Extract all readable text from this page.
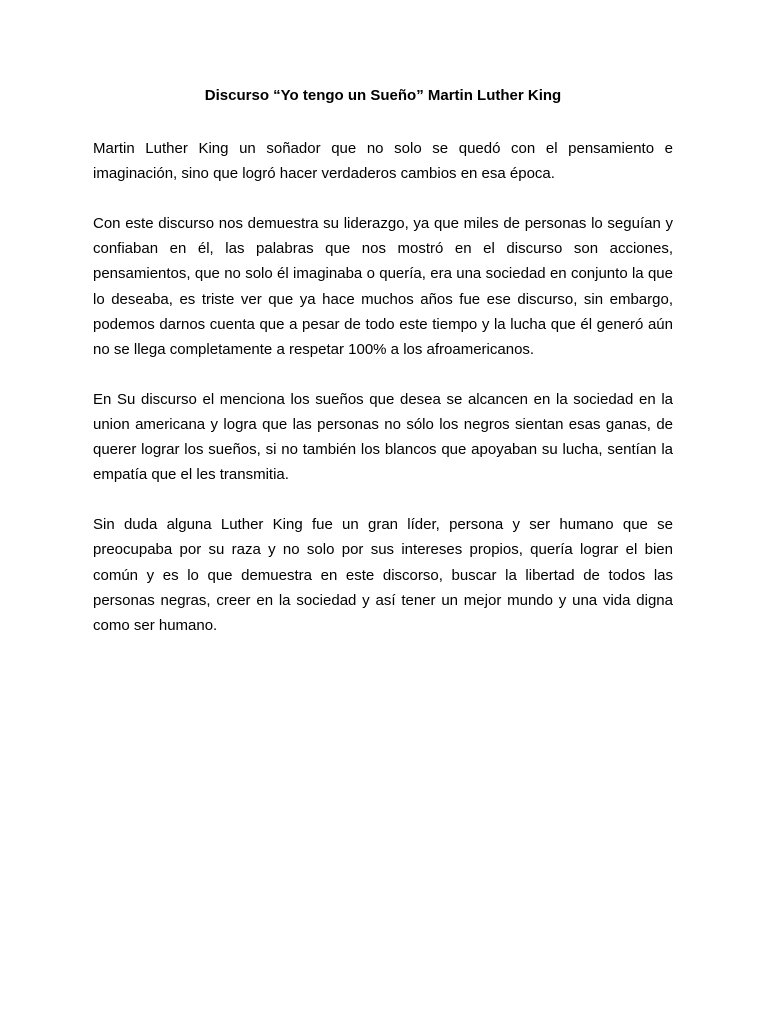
Discurso “Yo tengo un Sueño” Martin Luther King

Martin Luther King un soñador que no solo se quedó con el pensamiento e imaginación, sino que logró hacer verdaderos cambios en esa época.

Con este discurso nos demuestra su liderazgo, ya que miles de personas lo seguían y confiaban en él, las palabras que nos mostró en el discurso son acciones, pensamientos, que no solo él imaginaba o quería, era una sociedad en conjunto la que lo deseaba, es triste ver que ya hace muchos años fue ese discurso, sin embargo, podemos darnos cuenta que a pesar de todo este tiempo y la lucha que él generó aún no se llega completamente a respetar 100% a los afroamericanos.

En Su discurso el menciona los sueños que desea se alcancen en la sociedad en la union americana y logra que las personas no sólo los negros sientan esas ganas, de querer lograr los sueños, si no también los blancos que apoyaban su lucha, sentían la empatía que el les transmitia.

Sin duda alguna Luther King fue un gran líder, persona y ser humano que se preocupaba por su raza y no solo por sus intereses propios, quería lograr el bien común y es lo que demuestra en este discorso, buscar la libertad de todos las personas negras, creer en la sociedad y así tener un mejor mundo y una vida digna como ser humano.
